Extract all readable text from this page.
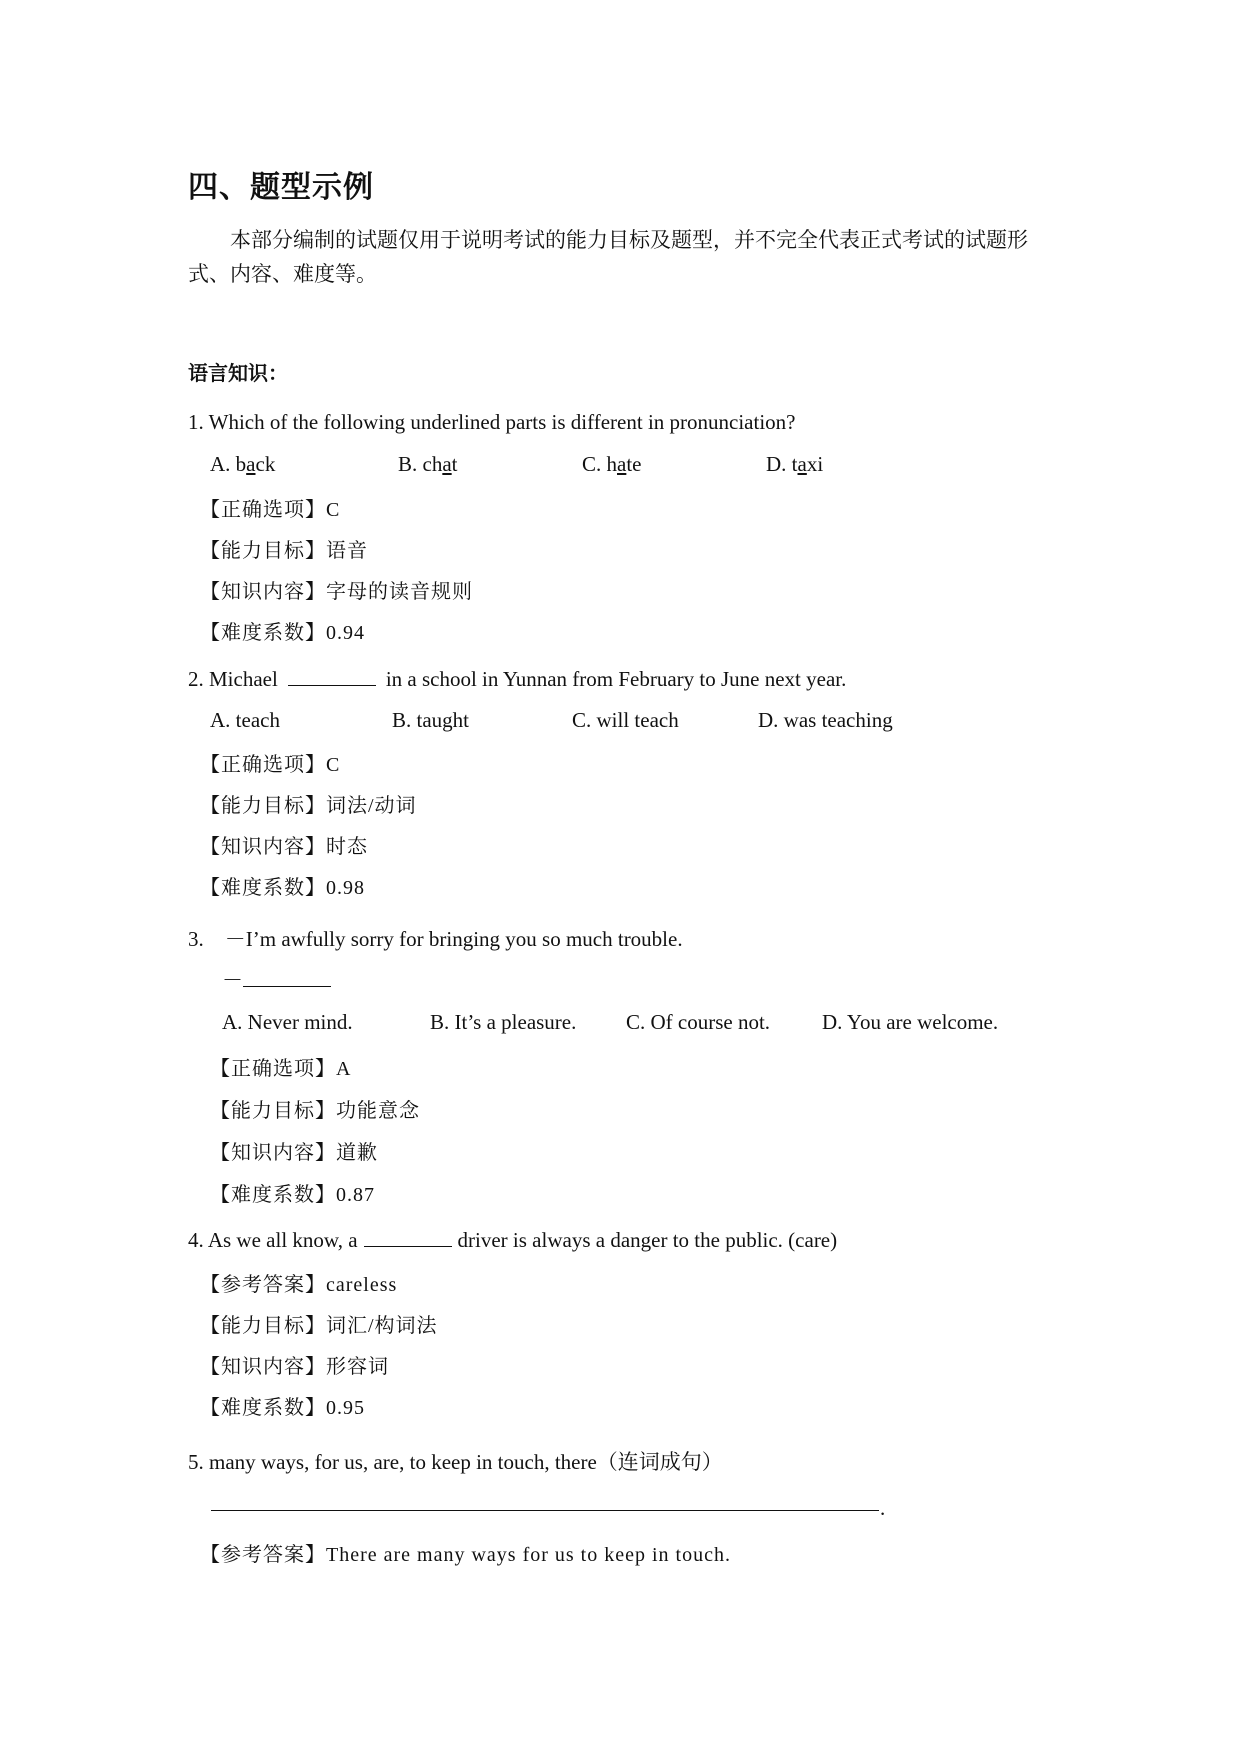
四、题型示例
本部分编制的试题仅用于说明考试的能力目标及题型，并不完全代表正式考试的试题形式、内容、难度等。
语言知识：
1. Which of the following underlined parts is different in pronunciation?
A. back	B. chat	C. hate	D. taxi
【正确选项】C
【能力目标】语音
【知识内容】字母的读音规则
【难度系数】0.94
2. Michael	in a school in Yunnan from February to June next year.
A. teach	B. taught	C. will teach	D. was teaching
【正确选项】C
【能力目标】词法/动词
【知识内容】时态
【难度系数】0.98
3.　－I’m awfully sorry for bringing you so much trouble.
－
A. Never mind.	B. It’s a pleasure. C. Of course not. D. You are welcome.
【正确选项】A
【能力目标】功能意念
【知识内容】道歉
【难度系数】0.87
4. As we all know, a	driver is always a danger to the public. (care)
【参考答案】careless
【能力目标】词汇/构词法
【知识内容】形容词
【难度系数】0.95
5. many ways, for us, are, to keep in touch, there（连词成句）
.
【参考答案】There are many ways for us to keep in touch.
